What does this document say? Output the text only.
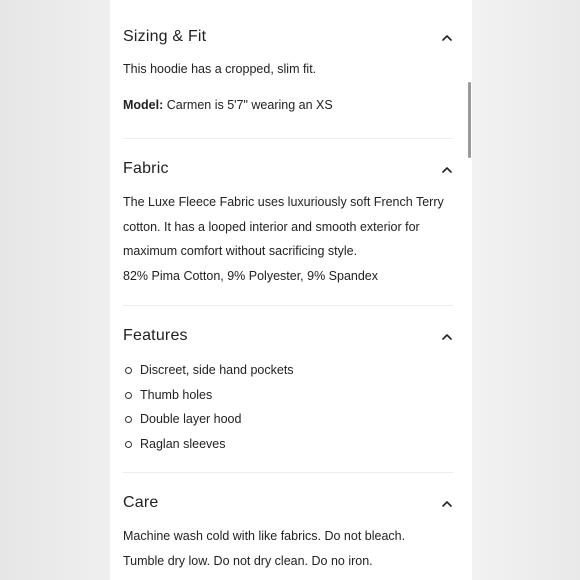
Sizing & Fit

This hoodie has a cropped, slim fit.

Model: Carmen is 5'7" wearing an XS

Fabric

The Luxe Fleece Fabric uses luxuriously soft French Terry

cotton. It has a looped interior and smooth exterior for

maximum comfort without sacrificing style.

82% Pima Cotton, 9% Polyester, 9% Spandex

Features
Discreet, side hand pockets
Thumb holes
Double layer hood
Raglan sleeves
Care

Machine wash cold with like fabrics. Do not bleach.

Tumble dry low. Do not dry clean. Do no iron.
